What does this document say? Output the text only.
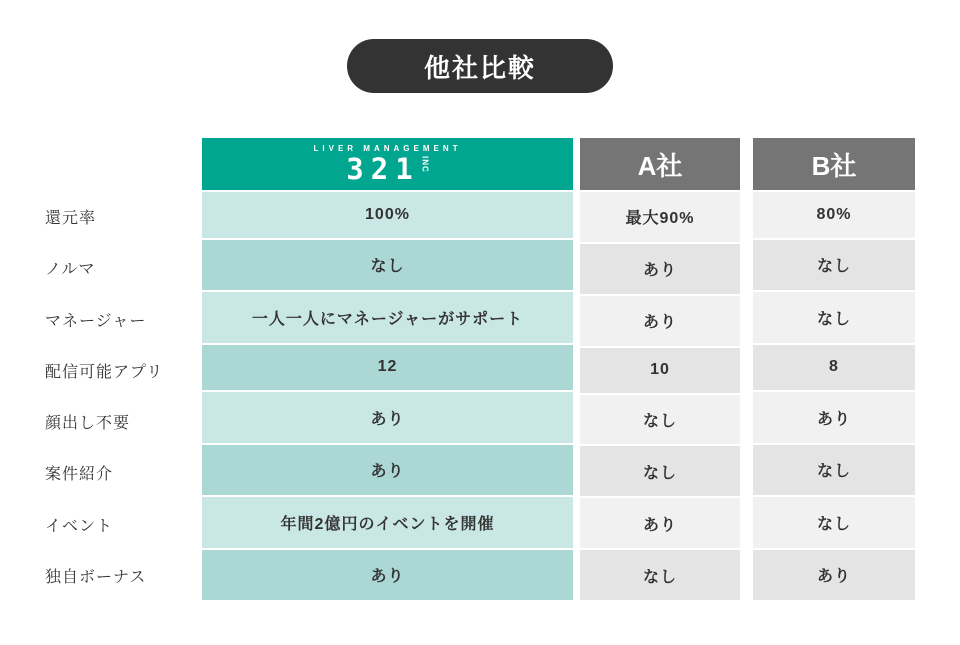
他社比較
還元率
ノルマ
マネージャー
配信可能アプリ
顔出し不要
案件紹介
イベント
独自ボーナス
LIVER MANAGEMENT
321 INC
100%
なし
一人一人にマネージャーがサポート
12
あり
あり
年間2億円のイベントを開催
あり
A社
最大90%
あり
あり
10
なし
なし
あり
なし
B社
80%
なし
なし
8
あり
なし
なし
あり
